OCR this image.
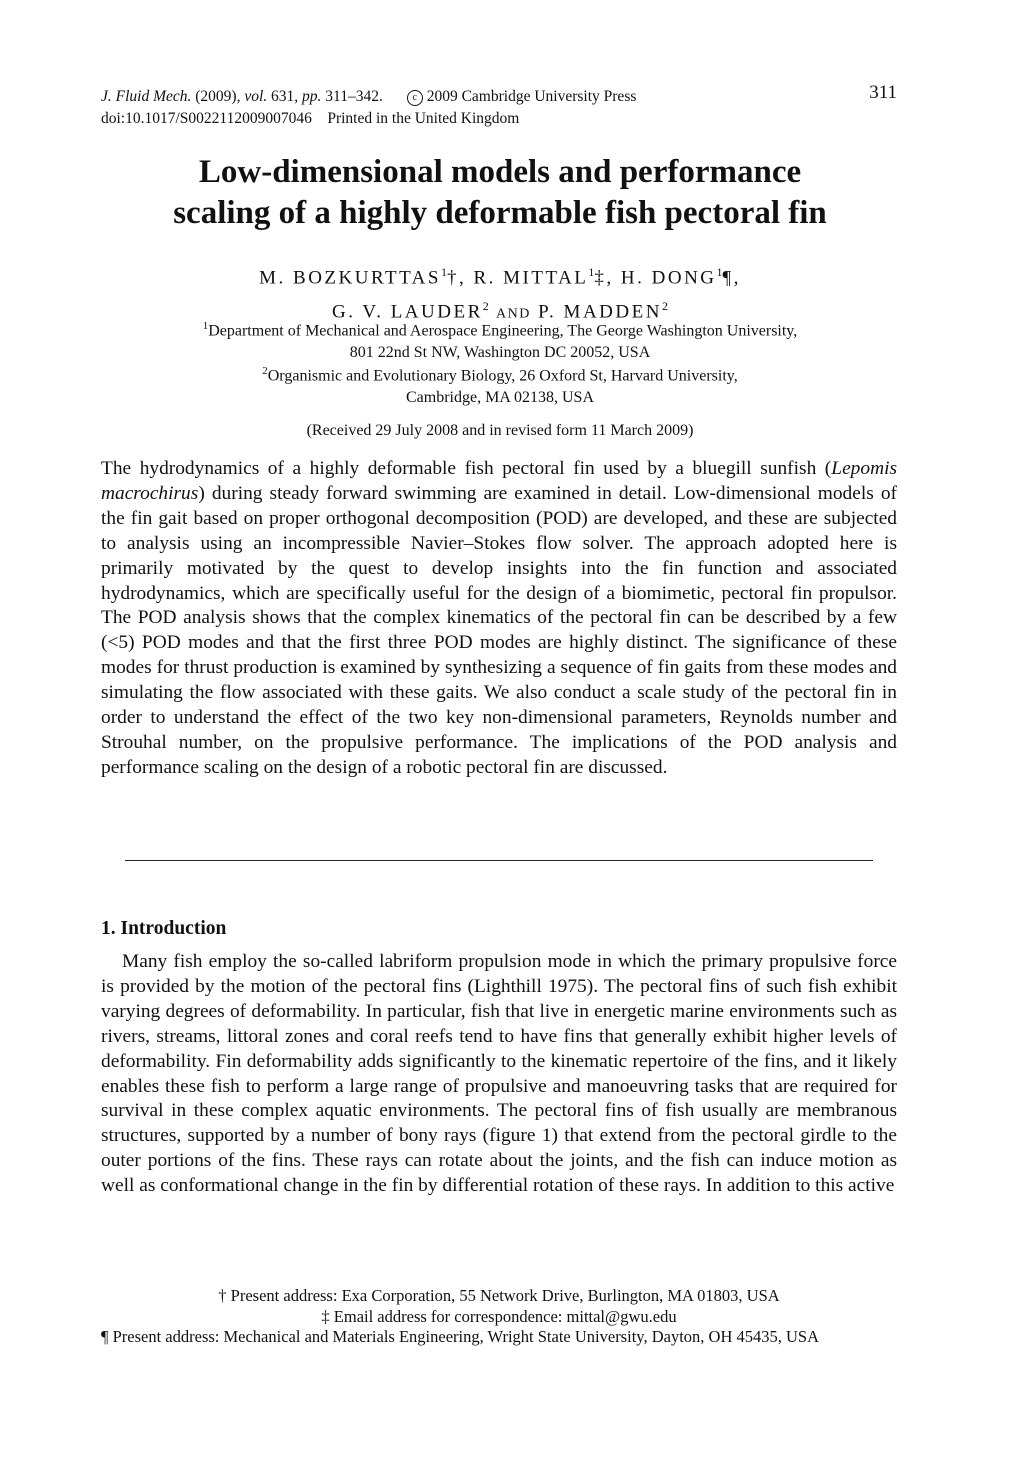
J. Fluid Mech. (2009), vol. 631, pp. 311–342.	c 2009 Cambridge University Press
doi:10.1017/S0022112009007046 Printed in the United Kingdom
311
Low-dimensional models and performance
scaling of a highly deformable fish pectoral fin
M. BOZKURTTAS$^1$†, R. MITTAL$^1$‡, H. DONG$^1$¶,
G. V. LAUDER$^2$ AND P. MADDEN$^2$
$^1$Department of Mechanical and Aerospace Engineering, The George Washington University,
801 22nd St NW, Washington DC 20052, USA
$^2$Organismic and Evolutionary Biology, 26 Oxford St, Harvard University,
Cambridge, MA 02138, USA
(Received 29 July 2008 and in revised form 11 March 2009)
The hydrodynamics of a highly deformable fish pectoral fin used by a bluegill sunfish (Lepomis macrochirus) during steady forward swimming are examined in detail. Low-dimensional models of the fin gait based on proper orthogonal decomposition (POD) are developed, and these are subjected to analysis using an incompressible Navier–Stokes flow solver. The approach adopted here is primarily motivated by the quest to develop insights into the fin function and associated hydrodynamics, which are specifically useful for the design of a biomimetic, pectoral fin propulsor. The POD analysis shows that the complex kinematics of the pectoral fin can be described by a few (<5) POD modes and that the first three POD modes are highly distinct. The significance of these modes for thrust production is examined by synthesizing a sequence of fin gaits from these modes and simulating the flow associated with these gaits. We also conduct a scale study of the pectoral fin in order to understand the effect of the two key non-dimensional parameters, Reynolds number and Strouhal number, on the propulsive performance. The implications of the POD analysis and performance scaling on the design of a robotic pectoral fin are discussed.
1. Introduction
Many fish employ the so-called labriform propulsion mode in which the primary propulsive force is provided by the motion of the pectoral fins (Lighthill 1975). The pectoral fins of such fish exhibit varying degrees of deformability. In particular, fish that live in energetic marine environments such as rivers, streams, littoral zones and coral reefs tend to have fins that generally exhibit higher levels of deformability. Fin deformability adds significantly to the kinematic repertoire of the fins, and it likely enables these fish to perform a large range of propulsive and manoeuvring tasks that are required for survival in these complex aquatic environments. The pectoral fins of fish usually are membranous structures, supported by a number of bony rays (figure 1) that extend from the pectoral girdle to the outer portions of the fins. These rays can rotate about the joints, and the fish can induce motion as well as conformational change in the fin by differential rotation of these rays. In addition to this active
† Present address: Exa Corporation, 55 Network Drive, Burlington, MA 01803, USA
‡ Email address for correspondence: mittal@gwu.edu
¶ Present address: Mechanical and Materials Engineering, Wright State University, Dayton, OH 45435, USA
